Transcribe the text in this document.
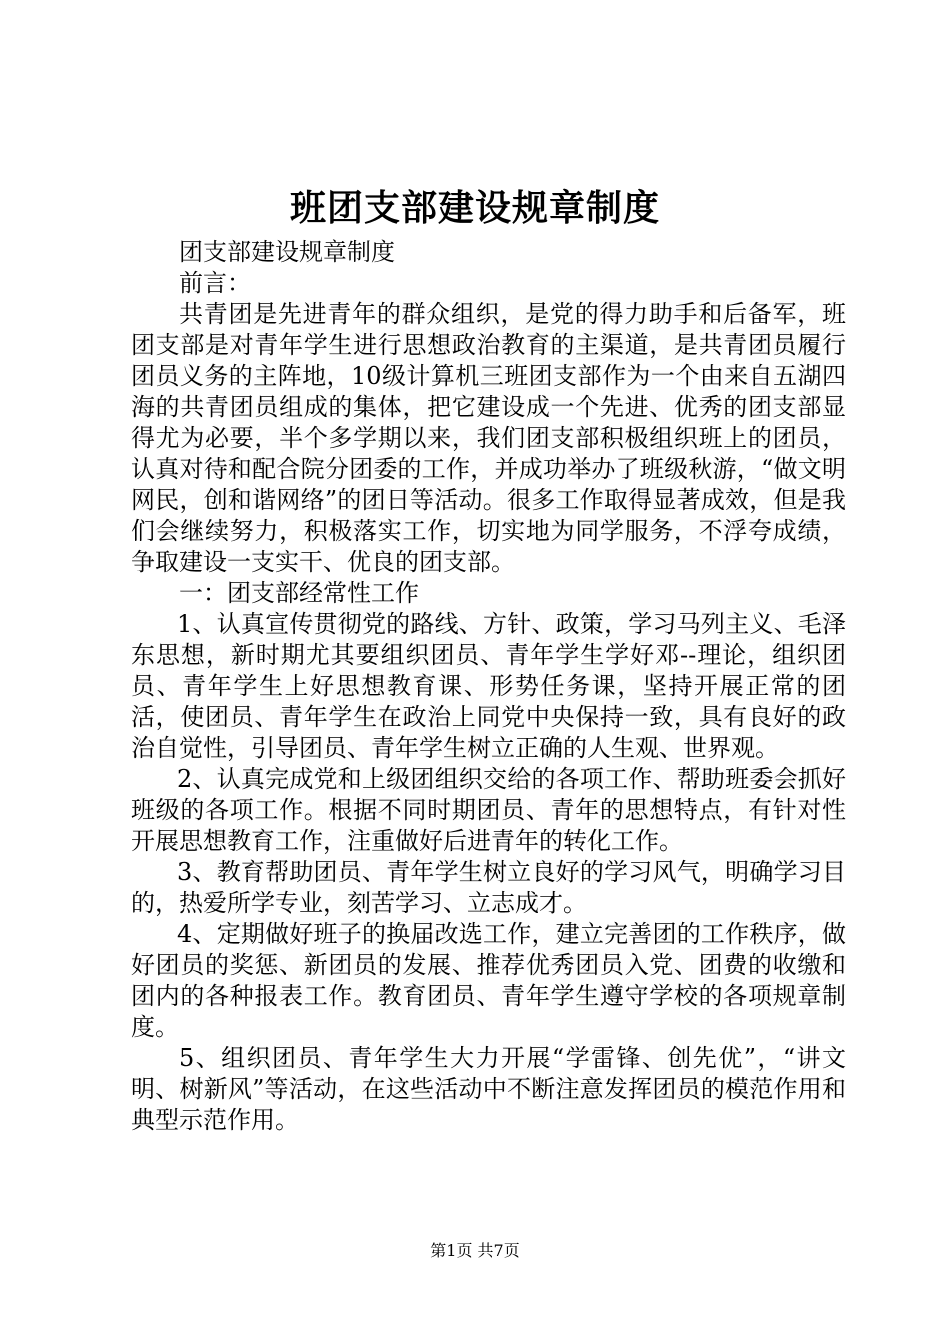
班团支部建设规章制度

团支部建设规章制度

前言：

共青团是先进青年的群众组织，是党的得力助手和后备军，班团支部是对青年学生进行思想政治教育的主渠道，是共青团员履行团员义务的主阵地，10级计算机三班团支部作为一个由来自五湖四海的共青团员组成的集体，把它建设成一个先进、优秀的团支部显得尤为必要，半个多学期以来，我们团支部积极组织班上的团员，认真对待和配合院分团委的工作，并成功举办了班级秋游，“做文明网民，创和谐网络”的团日等活动。很多工作取得显著成效，但是我们会继续努力，积极落实工作，切实地为同学服务，不浮夸成绩，争取建设一支实干、优良的团支部。

一：团支部经常性工作

1、认真宣传贯彻党的路线、方针、政策，学习马列主义、毛泽东思想，新时期尤其要组织团员、青年学生学好邓--理论，组织团员、青年学生上好思想教育课、形势任务课，坚持开展正常的团活，使团员、青年学生在政治上同党中央保持一致，具有良好的政治自觉性，引导团员、青年学生树立正确的人生观、世界观。

2、认真完成党和上级团组织交给的各项工作、帮助班委会抓好班级的各项工作。根据不同时期团员、青年的思想特点，有针对性开展思想教育工作，注重做好后进青年的转化工作。

3、教育帮助团员、青年学生树立良好的学习风气，明确学习目的，热爱所学专业，刻苦学习、立志成才。

4、定期做好班子的换届改选工作，建立完善团的工作秩序，做好团员的奖惩、新团员的发展、推荐优秀团员入党、团费的收缴和团内的各种报表工作。教育团员、青年学生遵守学校的各项规章制度。

5、组织团员、青年学生大力开展“学雷锋、创先优”，“讲文明、树新风”等活动，在这些活动中不断注意发挥团员的模范作用和典型示范作用。

第1页 共7页
